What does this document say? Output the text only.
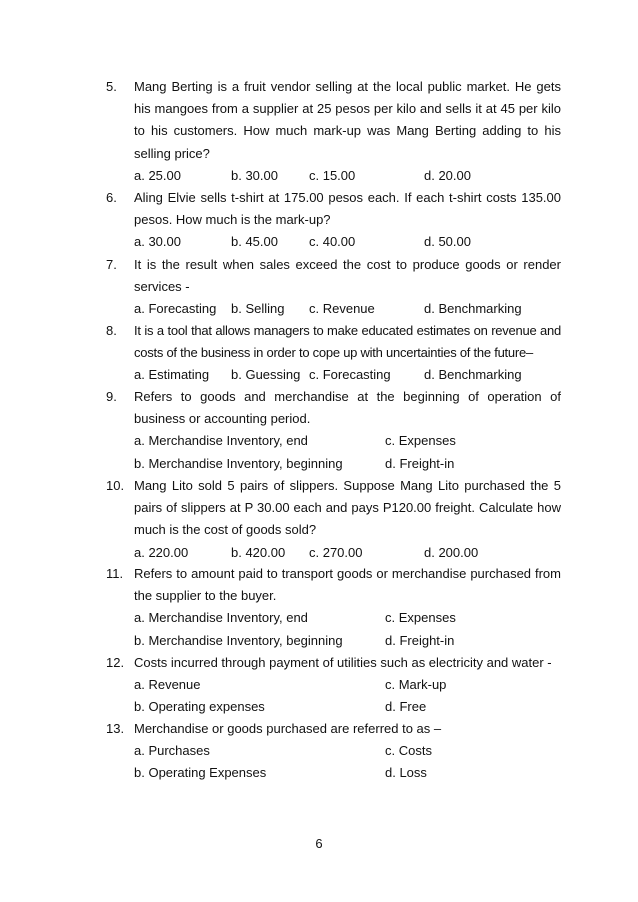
5.	Mang Berting is a fruit vendor selling at the local public market. He gets his mangoes from a supplier at 25 pesos per kilo and sells it at 45 per kilo to his customers. How much mark-up was Mang Berting adding to his selling price?
a. 25.00	b. 30.00 c. 15.00	d. 20.00
6.	Aling Elvie sells t-shirt at 175.00 pesos each. If each t-shirt costs 135.00 pesos. How much is the mark-up?
a. 30.00	b. 45.00 c. 40.00	d. 50.00
7.	It is the result when sales exceed the cost to produce goods or render services -
a. Forecasting b. Selling c. Revenue	d. Benchmarking
8.	It is a tool that allows managers to make educated estimates on revenue and costs of the business in order to cope up with uncertainties of the future–
a. Estimating b. Guessing c. Forecasting	d. Benchmarking
9.	Refers to goods and merchandise at the beginning of operation of business or accounting period.
a. Merchandise Inventory, end	c. Expenses
b. Merchandise Inventory, beginning	d. Freight-in
10. Mang Lito sold 5 pairs of slippers. Suppose Mang Lito purchased the 5 pairs of slippers at P 30.00 each and pays P120.00 freight. Calculate how much is the cost of goods sold?
a. 220.00	b. 420.00 c. 270.00	d. 200.00
11. Refers to amount paid to transport goods or merchandise purchased from the supplier to the buyer.
a. Merchandise Inventory, end	c. Expenses
b. Merchandise Inventory, beginning	d. Freight-in
12. Costs incurred through payment of utilities such as electricity and water -
a. Revenue	c. Mark-up
b. Operating expenses	d. Free
13. Merchandise or goods purchased are referred to as –
a. Purchases	c. Costs
b. Operating Expenses	d. Loss
6
